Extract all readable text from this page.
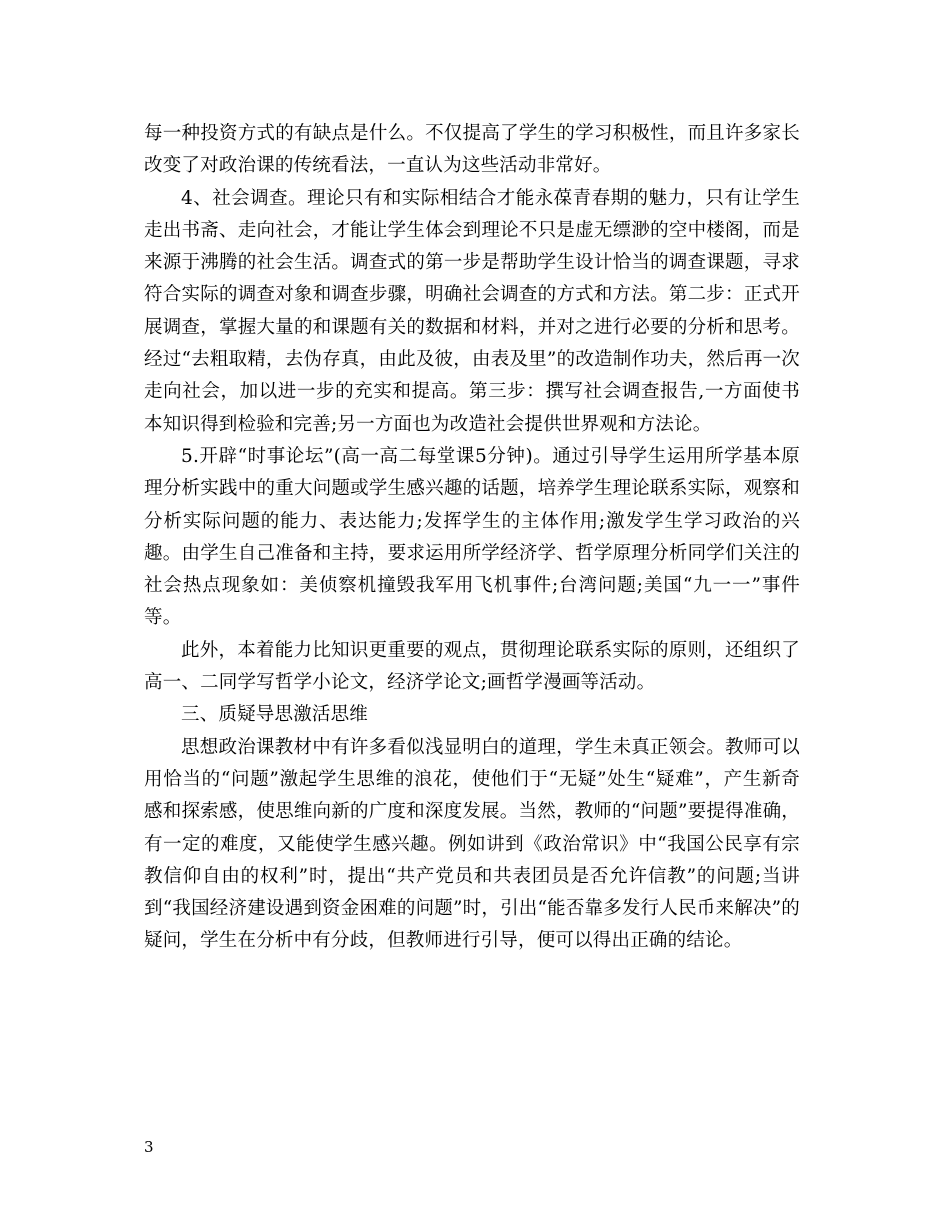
每一种投资方式的有缺点是什么。不仅提高了学生的学习积极性，而且许多家长改变了对政治课的传统看法，一直认为这些活动非常好。

4、社会调查。理论只有和实际相结合才能永葆青春期的魅力，只有让学生走出书斋、走向社会，才能让学生体会到理论不只是虚无缥渺的空中楼阁，而是来源于沸腾的社会生活。调查式的第一步是帮助学生设计恰当的调查课题，寻求符合实际的调查对象和调查步骤，明确社会调查的方式和方法。第二步：正式开展调查，掌握大量的和课题有关的数据和材料，并对之进行必要的分析和思考。经过“去粗取精，去伪存真，由此及彼，由表及里”的改造制作功夫，然后再一次走向社会，加以进一步的充实和提高。第三步：撰写社会调查报告,一方面使书本知识得到检验和完善;另一方面也为改造社会提供世界观和方法论。

5.开辟“时事论坛”(高一高二每堂课5分钟)。通过引导学生运用所学基本原理分析实践中的重大问题或学生感兴趣的话题，培养学生理论联系实际，观察和分析实际问题的能力、表达能力;发挥学生的主体作用;激发学生学习政治的兴趣。由学生自己准备和主持，要求运用所学经济学、哲学原理分析同学们关注的社会热点现象如：美侦察机撞毁我军用飞机事件;台湾问题;美国“九一一”事件等。

此外，本着能力比知识更重要的观点，贯彻理论联系实际的原则，还组织了高一、二同学写哲学小论文，经济学论文;画哲学漫画等活动。

三、质疑导思激活思维

思想政治课教材中有许多看似浅显明白的道理，学生未真正领会。教师可以用恰当的“问题”激起学生思维的浪花，使他们于“无疑”处生“疑难”，产生新奇感和探索感，使思维向新的广度和深度发展。当然，教师的“问题”要提得准确，有一定的难度，又能使学生感兴趣。例如讲到《政治常识》中“我国公民享有宗教信仰自由的权利”时，提出“共产党员和共表团员是否允许信教”的问题;当讲到“我国经济建设遇到资金困难的问题”时，引出“能否靠多发行人民币来解决”的疑问，学生在分析中有分歧，但教师进行引导，便可以得出正确的结论。

3
